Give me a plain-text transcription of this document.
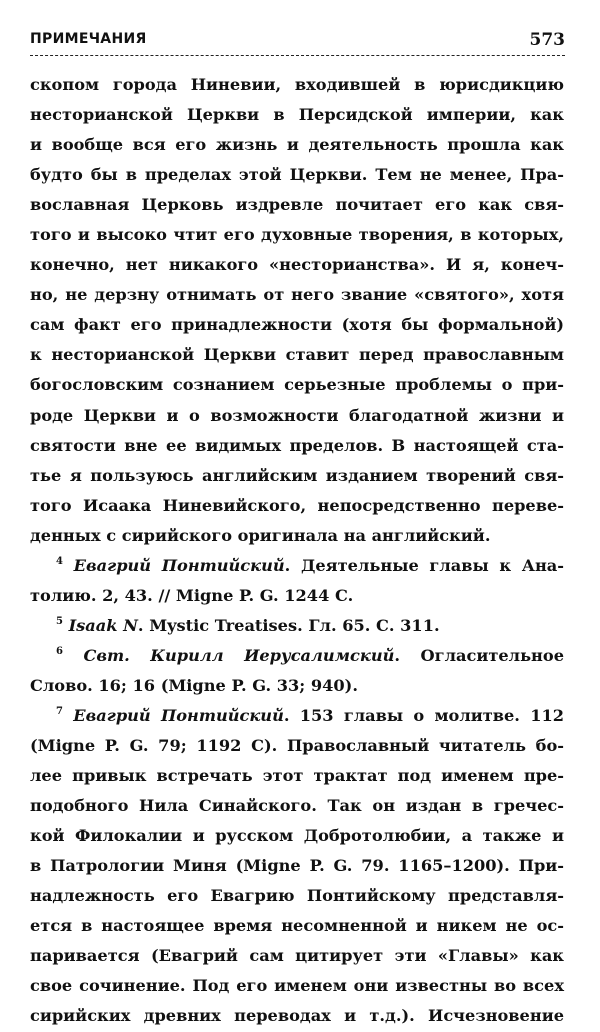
ПРИМЕЧАНИЯ	573
скопом города Ниневии, входившей в юрисдикцию
несторианской Церкви в Персидской империи, как
и вообще вся его жизнь и деятельность прошла как
будто бы в пределах этой Церкви. Тем не менее, Пра-
вославная Церковь издревле почитает его как свя-
того и высоко чтит его духовные творения, в которых,
конечно, нет никакого «несторианства». И я, конеч-
но, не дерзну отнимать от него звание «святого», хотя
сам факт его принадлежности (хотя бы формальной)
к несторианской Церкви ставит перед православным
богословским сознанием серьезные проблемы о при-
роде Церкви и о возможности благодатной жизни и
святости вне ее видимых пределов. В настоящей ста-
тье я пользуюсь английским изданием творений свя-
того Исаака Ниневийского, непосредственно переве-
денных с сирийского оригинала на английский.
$^4$ Евагрий Понтийский. Деятельные главы к Ана-
толию. 2, 43. // Migne P. G. 1244 C.
$^5$ Isaak N. Mystic Treatises. Гл. 65. С. 311.
$^6$ Свт. Кирилл Иерусалимский. Огласительное
Слово. 16; 16 (Migne P. G. 33; 940).
$^7$ Евагрий Понтийский. 153 главы о молитве. 112
(Migne P. G. 79; 1192 C). Православный читатель бо-
лее привык встречать этот трактат под именем пре-
подобного Нила Синайского. Так он издан в гречес-
кой Филокалии и русском Добротолюбии, а также и
в Патрологии Миня (Migne P. G. 79. 1165–1200). При-
надлежность его Евагрию Понтийскому представля-
ется в настоящее время несомненной и никем не ос-
паривается (Евагрий сам цитирует эти «Главы» как
свое сочинение. Под его именем они известны во всех
сирийских древних переводах и т.д.). Исчезновение
